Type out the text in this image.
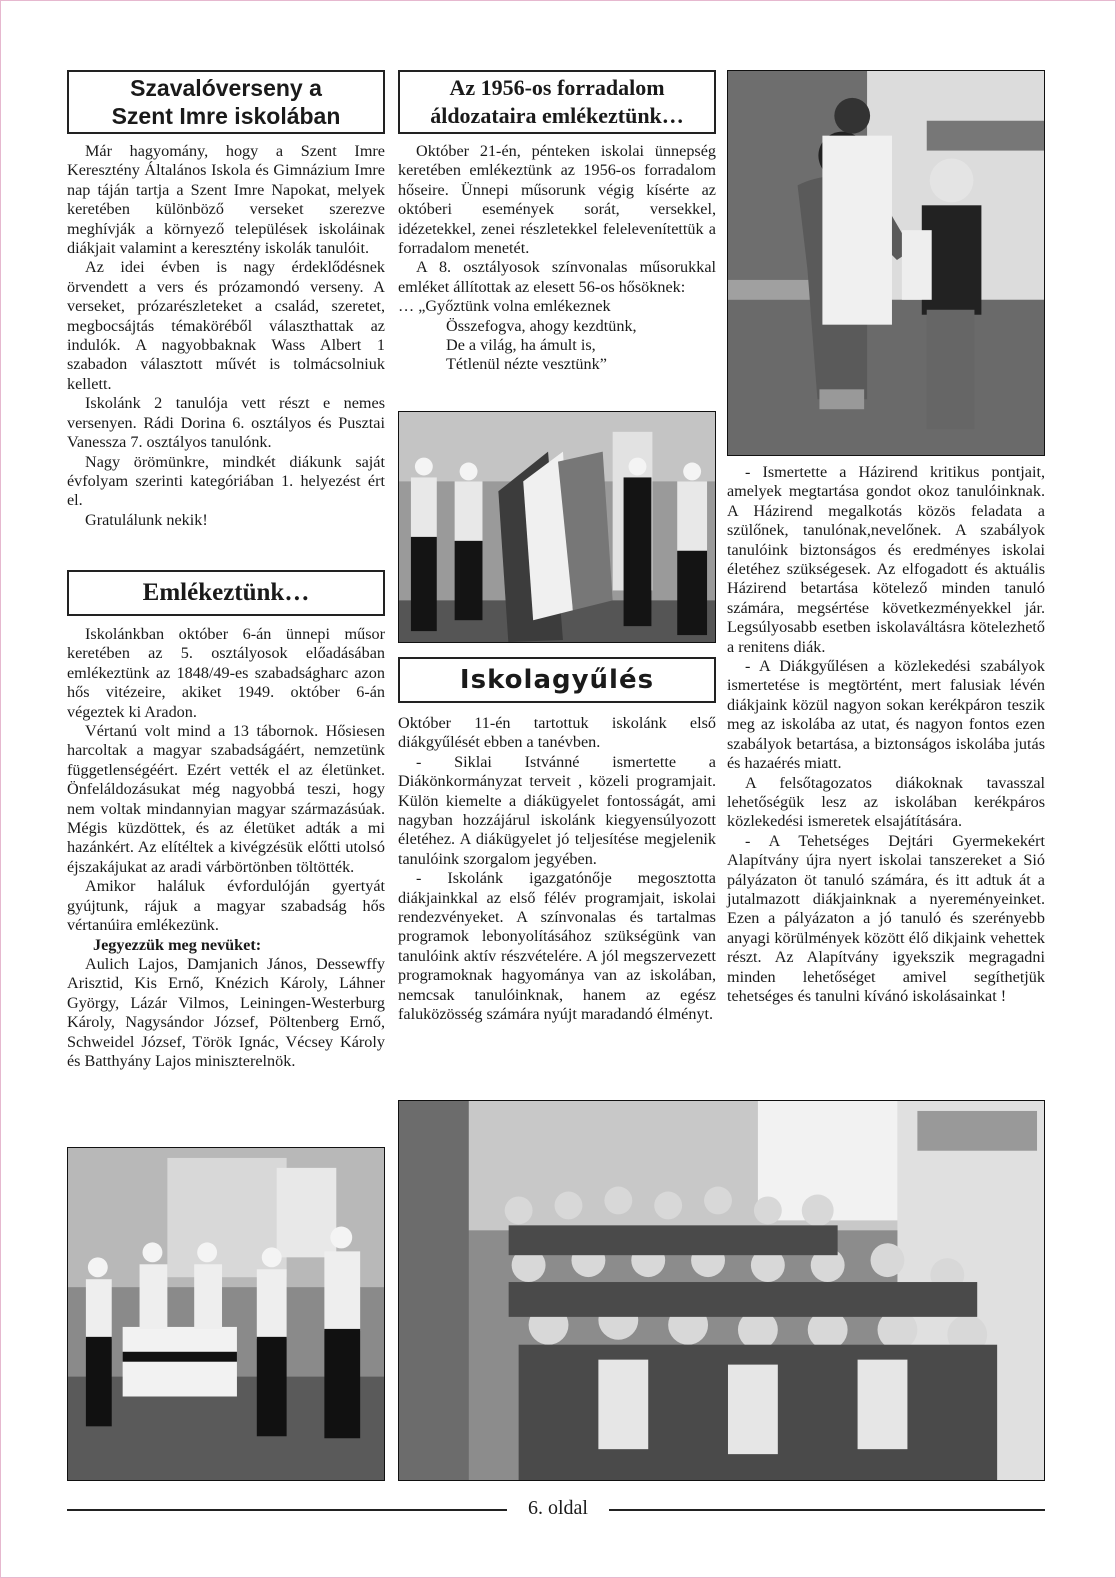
Szavalóverseny a
Szent Imre iskolában

Már hagyomány, hogy a Szent Imre Keresztény Általános Iskola és Gimnázium Imre nap táján tartja a Szent Imre Napokat, melyek keretében különböző verseket szerezve meghívják a környező települések iskoláinak diákjait valamint a keresztény iskolák tanulóit.

Az idei évben is nagy érdeklődésnek örvendett a vers és prózamondó verseny. A verseket, prózarészleteket a család, szeretet, megbocsájtás témaköréből választhattak az indulók. A nagyobbaknak Wass Albert 1 szabadon választott művét is tolmácsolniuk kellett.

Iskolánk 2 tanulója vett részt e nemes versenyen. Rádi Dorina 6. osztályos és Pusztai Vanessza 7. osztályos tanulónk.

Nagy örömünkre, mindkét diákunk saját évfolyam szerinti kategóriában 1. helyezést ért el.

Gratulálunk nekik!

Emlékeztünk…

Iskolánkban október 6-án ünnepi műsor keretében az 5. osztályosok előadásában emlékeztünk az 1848/49-es szabadságharc azon hős vitézeire, akiket 1949. október 6-án végeztek ki Aradon.

Vértanú volt mind a 13 tábornok. Hősiesen harcoltak a magyar szabadságáért, nemzetünk függetlenségéért. Ezért vették el az életünket. Önfeláldozásukat még nagyobbá teszi, hogy nem voltak mindannyian magyar származásúak. Mégis küzdöttek, és az életüket adták a mi hazánkért. Az elítéltek a kivégzésük előtti utolsó éjszakájukat az aradi várbörtönben töltötték.

Amikor haláluk évfordulóján gyertyát gyújtunk, rájuk a magyar szabadság hős vértanúira emlékezünk.

Jegyezzük meg nevüket:

Aulich Lajos, Damjanich János, Dessewffy Arisztid, Kis Ernő, Knézich Károly, Láhner György, Lázár Vilmos, Leiningen-Westerburg Károly, Nagysándor József, Pöltenberg Ernő, Schweidel József, Török Ignác, Vécsey Károly és Batthyány Lajos miniszterelnök.

Az 1956-os forradalom
áldozataira emlékeztünk…

Október 21-én, pénteken iskolai ünnepség keretében emlékeztünk az 1956-os forradalom hőseire. Ünnepi műsorunk végig kísérte az októberi események sorát, versekkel, idézetekkel, zenei részletekkel felelevenítettük a forradalom menetét.

A 8. osztályosok színvonalas műsorukkal emléket állítottak az elesett 56-os hősöknek:

… „Győztünk volna emlékeznek

Összefogva, ahogy kezdtünk,

De a világ, ha ámult is,

Tétlenül nézte vesztünk”

Iskolagyűlés

Október 11-én tartottuk iskolánk első diákgyűlését ebben a tanévben.

- Siklai Istvánné ismertette a Diákönkormányzat terveit , közeli programjait. Külön kiemelte a diákügyelet fontosságát, ami nagyban hozzájárul iskolánk kiegyensúlyozott életéhez. A diákügyelet jó teljesítése megjelenik tanulóink szorgalom jegyében.

- Iskolánk igazgatónője megosztotta diákjainkkal az első félév programjait, iskolai rendezvényeket. A színvonalas és tartalmas programok lebonyolításához szükségünk van tanulóink aktív részvételére. A jól megszervezett programoknak hagyománya van az iskolában, nemcsak tanulóinknak, hanem az egész faluközösség számára nyújt maradandó élményt.

- Ismertette a Házirend kritikus pontjait, amelyek megtartása gondot okoz tanulóinknak. A Házirend megalkotás közös feladata a szülőnek, tanulónak,nevelőnek. A szabályok tanulóink biztonságos és eredményes iskolai életéhez szükségesek. Az elfogadott és aktuális Házirend betartása kötelező minden tanuló számára, megsértése következményekkel jár. Legsúlyosabb esetben iskolaváltásra kötelezhető a renitens diák.

- A Diákgyűlésen a közlekedési szabályok ismertetése is megtörtént, mert falusiak lévén diákjaink közül nagyon sokan kerékpáron teszik meg az iskolába az utat, és nagyon fontos ezen szabályok betartása, a biztonságos iskolába jutás és hazaérés miatt.

A felsőtagozatos diákoknak tavasszal lehetőségük lesz az iskolában kerékpáros közlekedési ismeretek elsajátítására.

- A Tehetséges Dejtári Gyermekekért Alapítvány újra nyert iskolai tanszereket a Sió pályázaton öt tanuló számára, és itt adtuk át a jutalmazott diákjainknak a nyereményeinket. Ezen a pályázaton a jó tanuló és szerényebb anyagi körülmények között élő dikjaink vehettek részt. Az Alapítvány igyekszik megragadni minden lehetőséget amivel segíthetjük tehetséges és tanulni kívánó iskolásainkat !

6. oldal
